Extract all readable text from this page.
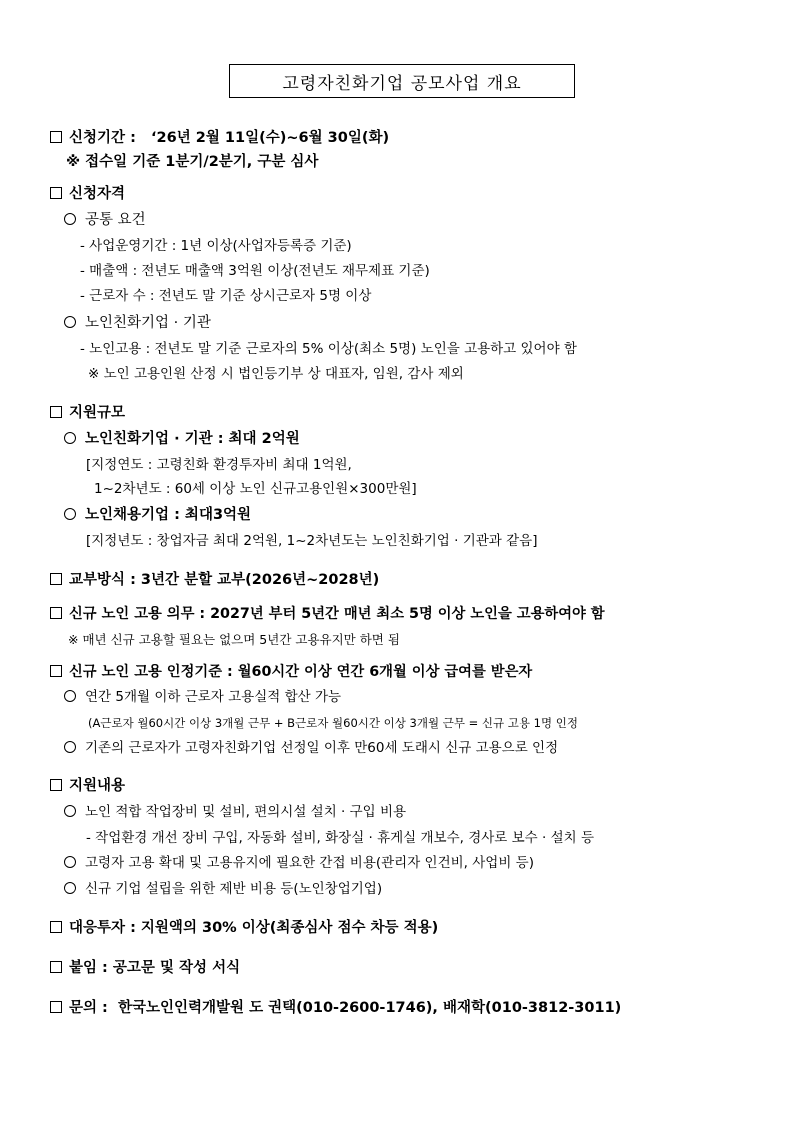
고령자친화기업 공모사업 개요
신청기간 : ‘26년 2월 11일(수)~6월 30일(화)
※ 접수일 기준 1분기/2분기, 구분 심사
신청자격
공통 요건
- 사업운영기간 : 1년 이상(사업자등록증 기준)
- 매출액 : 전년도 매출액 3억원 이상(전년도 재무제표 기준)
- 근로자 수 : 전년도 말 기준 상시근로자 5명 이상
노인친화기업 · 기관
- 노인고용 : 전년도 말 기준 근로자의 5% 이상(최소 5명) 노인을 고용하고 있어야 함
※ 노인 고용인원 산정 시 법인등기부 상 대표자, 임원, 감사 제외
지원규모
노인친화기업 · 기관 : 최대 2억원
[지정연도 : 고령친화 환경투자비 최대 1억원,
1~2차년도 : 60세 이상 노인 신규고용인원×300만원]
노인채용기업 : 최대3억원
[지정년도 : 창업자금 최대 2억원, 1~2차년도는 노인친화기업 · 기관과 같음]
교부방식 : 3년간 분할 교부(2026년~2028년)
신규 노인 고용 의무 : 2027년 부터 5년간 매년 최소 5명 이상 노인을 고용하여야 함
※ 매년 신규 고용할 필요는 없으며 5년간 고용유지만 하면 됨
신규 노인 고용 인정기준 : 월60시간 이상 연간 6개월 이상 급여를 받은자
연간 5개월 이하 근로자 고용실적 합산 가능
(A근로자 월60시간 이상 3개월 근무 + B근로자 월60시간 이상 3개월 근무 = 신규 고용 1명 인정
기존의 근로자가 고령자친화기업 선정일 이후 만60세 도래시 신규 고용으로 인정
지원내용
노인 적합 작업장비 및 설비, 편의시설 설치 · 구입 비용
- 작업환경 개선 장비 구입, 자동화 설비, 화장실 · 휴게실 개보수, 경사로 보수 · 설치 등
고령자 고용 확대 및 고용유지에 필요한 간접 비용(관리자 인건비, 사업비 등)
신규 기업 설립을 위한 제반 비용 등(노인창업기업)
대응투자 : 지원액의 30% 이상(최종심사 점수 차등 적용)
붙임 : 공고문 및 작성 서식
문의 : 한국노인인력개발원 도 권택(010-2600-1746), 배재학(010-3812-3011)
